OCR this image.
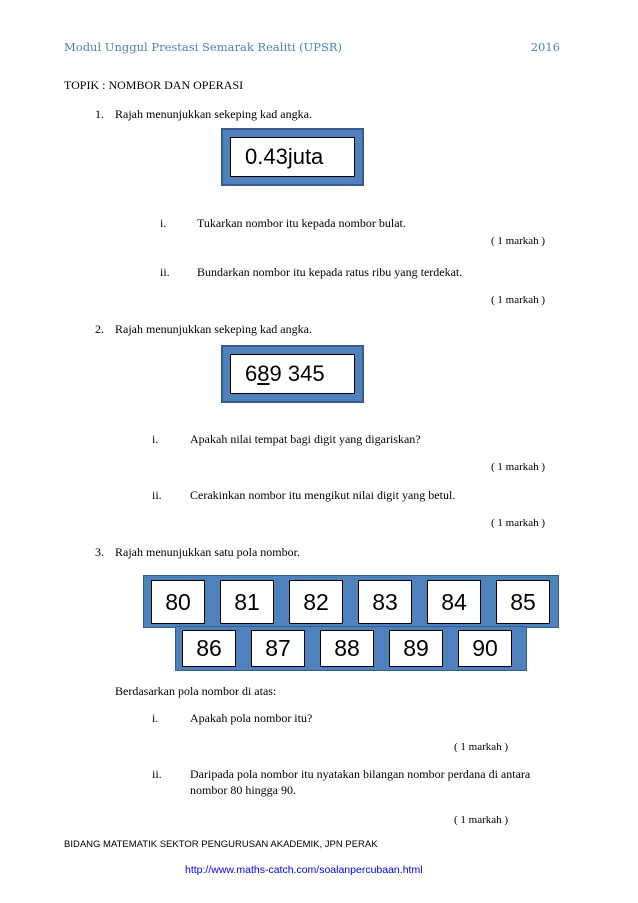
Modul Unggul Prestasi Semarak Realiti (UPSR)	2016
TOPIK : NOMBOR DAN OPERASI
1. Rajah menunjukkan sekeping kad angka.
0.43juta
i.	Tukarkan nombor itu kepada nombor bulat.
( 1 markah )
ii. Bundarkan nombor itu kepada ratus ribu yang terdekat.
( 1 markah )
2. Rajah menunjukkan sekeping kad angka.
6 8 9 345
i.	Apakah nilai tempat bagi digit yang digariskan?
( 1 markah )
ii. Cerakinkan nombor itu mengikut nilai digit yang betul.
( 1 markah )
3. Rajah menunjukkan satu pola nombor.
80	81	82	83	84	85
86	87	88	89	90
Berdasarkan pola nombor di atas:
i.	Apakah pola nombor itu?
( 1 markah )
ii. Daripada pola nombor itu nyatakan bilangan nombor perdana di antara
nombor 80 hingga 90.
( 1 markah )
BIDANG MATEMATIK SEKTOR PENGURUSAN AKADEMIK, JPN PERAK
http://www.maths-catch.com/soalanpercubaan.html
